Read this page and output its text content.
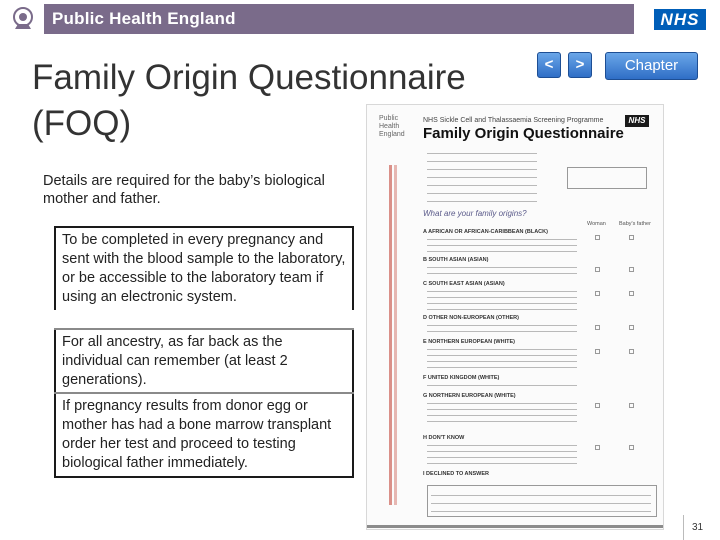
Public Health England	NHS
Family Origin Questionnaire (FOQ)
<	>	Chapter
Details are required for the baby’s biological mother and father.

To be completed in every pregnancy and sent with the blood sample to the laboratory, or be accessible to the laboratory team if using an electronic system.

For all ancestry, as far back as the individual can remember (at least 2 generations).

If pregnancy results from donor egg or mother has had a bone marrow transplant order her test and proceed to testing biological father immediately.

Public Health England
NHS Sickle Cell and Thalassaemia Screening Programme
Family Origin Questionnaire
NHS
What are your family origins?
Woman Baby's father
A AFRICAN OR AFRICAN-CARIBBEAN (BLACK)
B SOUTH ASIAN (ASIAN)
C SOUTH EAST ASIAN (ASIAN)
D OTHER NON-EUROPEAN (OTHER)
E NORTHERN EUROPEAN (WHITE)
F UNITED KINGDOM (WHITE)
G NORTHERN EUROPEAN (WHITE)
H DON'T KNOW
I DECLINED TO ANSWER
31
